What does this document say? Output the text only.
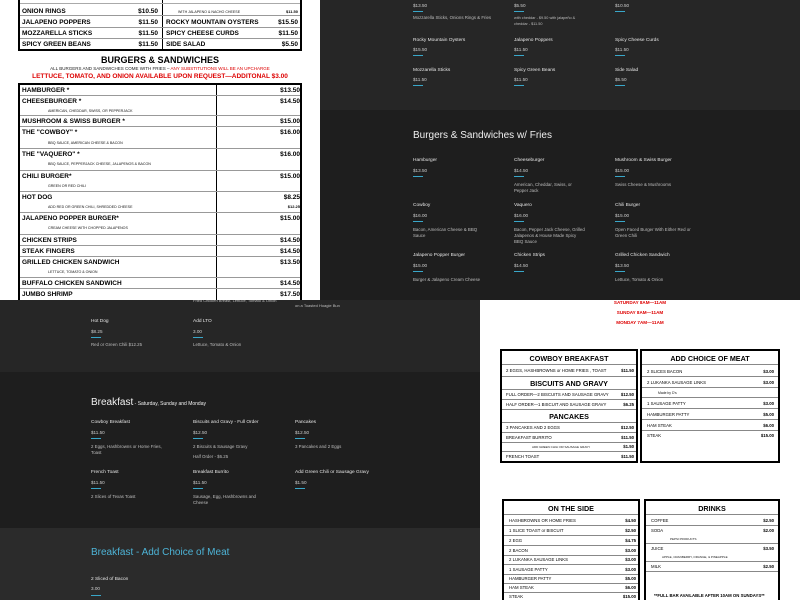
ONION RINGS	$10.50	WITH JALAPENO & NACHO CHEESE	$11.50
JALAPENO POPPERS	$11.50 ROCKY MOUNTAIN OYSTERS	$15.50
MOZZARELLA STICKS	$11.50 SPICY CHEESE CURDS	$11.50
SPICY GREEN BEANS	$11.50 SIDE SALAD	$5.50
BURGERS & SANDWICHES
ALL BURGERS AND SANDWICHES COME WITH FRIES – ANY SUBSTITUTIONS WILL BE AN UPCHARGE
LETTUCE, TOMATO, AND ONION AVAILABLE UPON REQUEST—ADDITONAL $3.00
HAMBURGER *	$13.50
CHEESEBURGER *	$14.50
AMERICAN, CHEDDAR, SWISS, OR PEPPERJACK
MUSHROOM & SWISS BURGER *	$15.00
THE "COWBOY" *	$16.00
BBQ SAUCE, AMERICAN CHEESE & BACON
THE "VAQUERO" *	$16.00
BBQ SAUCE, PEPPERJACK CHEESE, JALAPENOS & BACON
CHILI BURGER*	$15.00
GREEN OR RED CHILI
HOT DOG	$8.25
ADD RED OR GREEN CHILI, SHREDDED CHEESE	$12.25
JALAPENO POPPER BURGER*	$15.00
CREAM CHEESE WITH CHOPPED JALAPENOS
CHICKEN STRIPS	$14.50
STEAK FINGERS	$14.50
GRILLED CHICKEN SANDWICH	$13.50
LETTUCE, TOMATO & ONION
BUFFALO CHICKEN SANDWICH	$14.50
JUMBO SHRIMP	$17.50
$13.50
Mozzarella Sticks, Onions Rings & Fries
$5.50
with cheddar - $9.50 with jalapeño & cheddar - $11.50
$10.50
Rocky Mountain Oysters
$15.50
Jalapeno Poppers
$11.50
Spicy Cheese Curds
$11.50
Mozzarella Sticks
$11.50
Spicy Green Beans
$11.50
Side Salad
$5.50
Burgers & Sandwiches w/ Fries
Hamburger
$13.50
Cheeseburger
$14.50
American, Cheddar, Swiss, or Pepper Jack
Mushroom & Swiss Burger
$15.00
Swiss Cheese & Mushrooms
Cowboy
$16.00
Bacon, American Cheese & BBQ Sauce
Vaquero
$16.00
Bacon, Pepper Jack Cheese, Grilled Jalapenos & House Made Spicy BBQ Sauce
Chili Burger
$15.00
Open Faced Burger With Either Red or Green Chili
Jalapeno Popper Burger
$15.00
Burger & Jalapeno Cream Cheese
Chicken Strips
$14.50
Grilled Chicken Sandwich
$13.50
Lettuce, Tomato & Onion
Fried Chicken Breast, Lettuce, Tomato & Onion
on a Toasted Hoagie Bun
Hot Dog
$8.25
Red or Green Chili $12.25
Add LTO
3.00
Lettuce, Tomato & Onion
Breakfast - Saturday, Sunday and Monday
Cowboy Breakfast
$11.50
2 Eggs, Hashbrowns or Home Fries, Toast
Biscuits and Gravy - Full Order
$12.50
2 Biscuits & Sausage Gravy
Half Order - $6.25
Pancakes
$12.50
3 Pancakes and 2 Eggs
French Toast
$11.50
2 Slices of Texas Toast
Breakfast Burrito
$11.50
Sausage, Egg, Hashbrowns and Cheese
Add Green Chili or Sausage Gravy
$1.50
Breakfast - Add Choice of Meat
2 Sliced of Bacon
3.00
SATURDAY 8AM—11AM
SUNDAY 8AM—11AM
MONDAY 7AM—11AM
COWBOY BREAKFAST
2 EGGS, HASHBROWNS or HOME FRIES , TOAST	$11.50
BISCUITS AND GRAVY
FULL ORDER—2 BISCUITS AND SAUSAGE GRAVY	$12.50
HALF ORDER—1 BISCUIT AND SAUSAGE GRAVY	$6.25
PANCAKES
3 PANCAKES AND 2 EGGS	$12.50
BREAKFAST BURRITO	$11.50
ADD GREEN CHILI OR SAUSAGE GRAVY	$1.50
FRENCH TOAST	$11.50
ADD CHOICE OF MEAT
2 SLICES BACON	$3.00
2 LUKANKA SAUSAGE LINKS	$3.00
Made by D's
1 SAUSAGE PATTY	$3.00
HAMBURGER PATTY	$5.00
HAM STEAK	$6.00
STEAK	$15.00
ON THE SIDE
HASHBROWNS OR HOME FRIES	$4.50
1 SLICE TOAST or BISCUIT	$2.50
2 EGG	$4.75
2 BACON	$3.00
2 LUKANKA SAUSAGE LINKS	$3.00
1 SAUSAGE PATTY	$3.00
HAMBURGER PATTY	$5.00
HAM STEAK	$6.00
STEAK	$15.00
DRINKS
COFFEE	$2.50
SODA	$2.00
PEPSI PRODUCTS
JUICE	$3.50
APPLE, CRANBERRY, ORANGE, & PINEAPPLE
MILK	$2.50
**FULL BAR AVAILABLE AFTER 10AM ON SUNDAYS**
